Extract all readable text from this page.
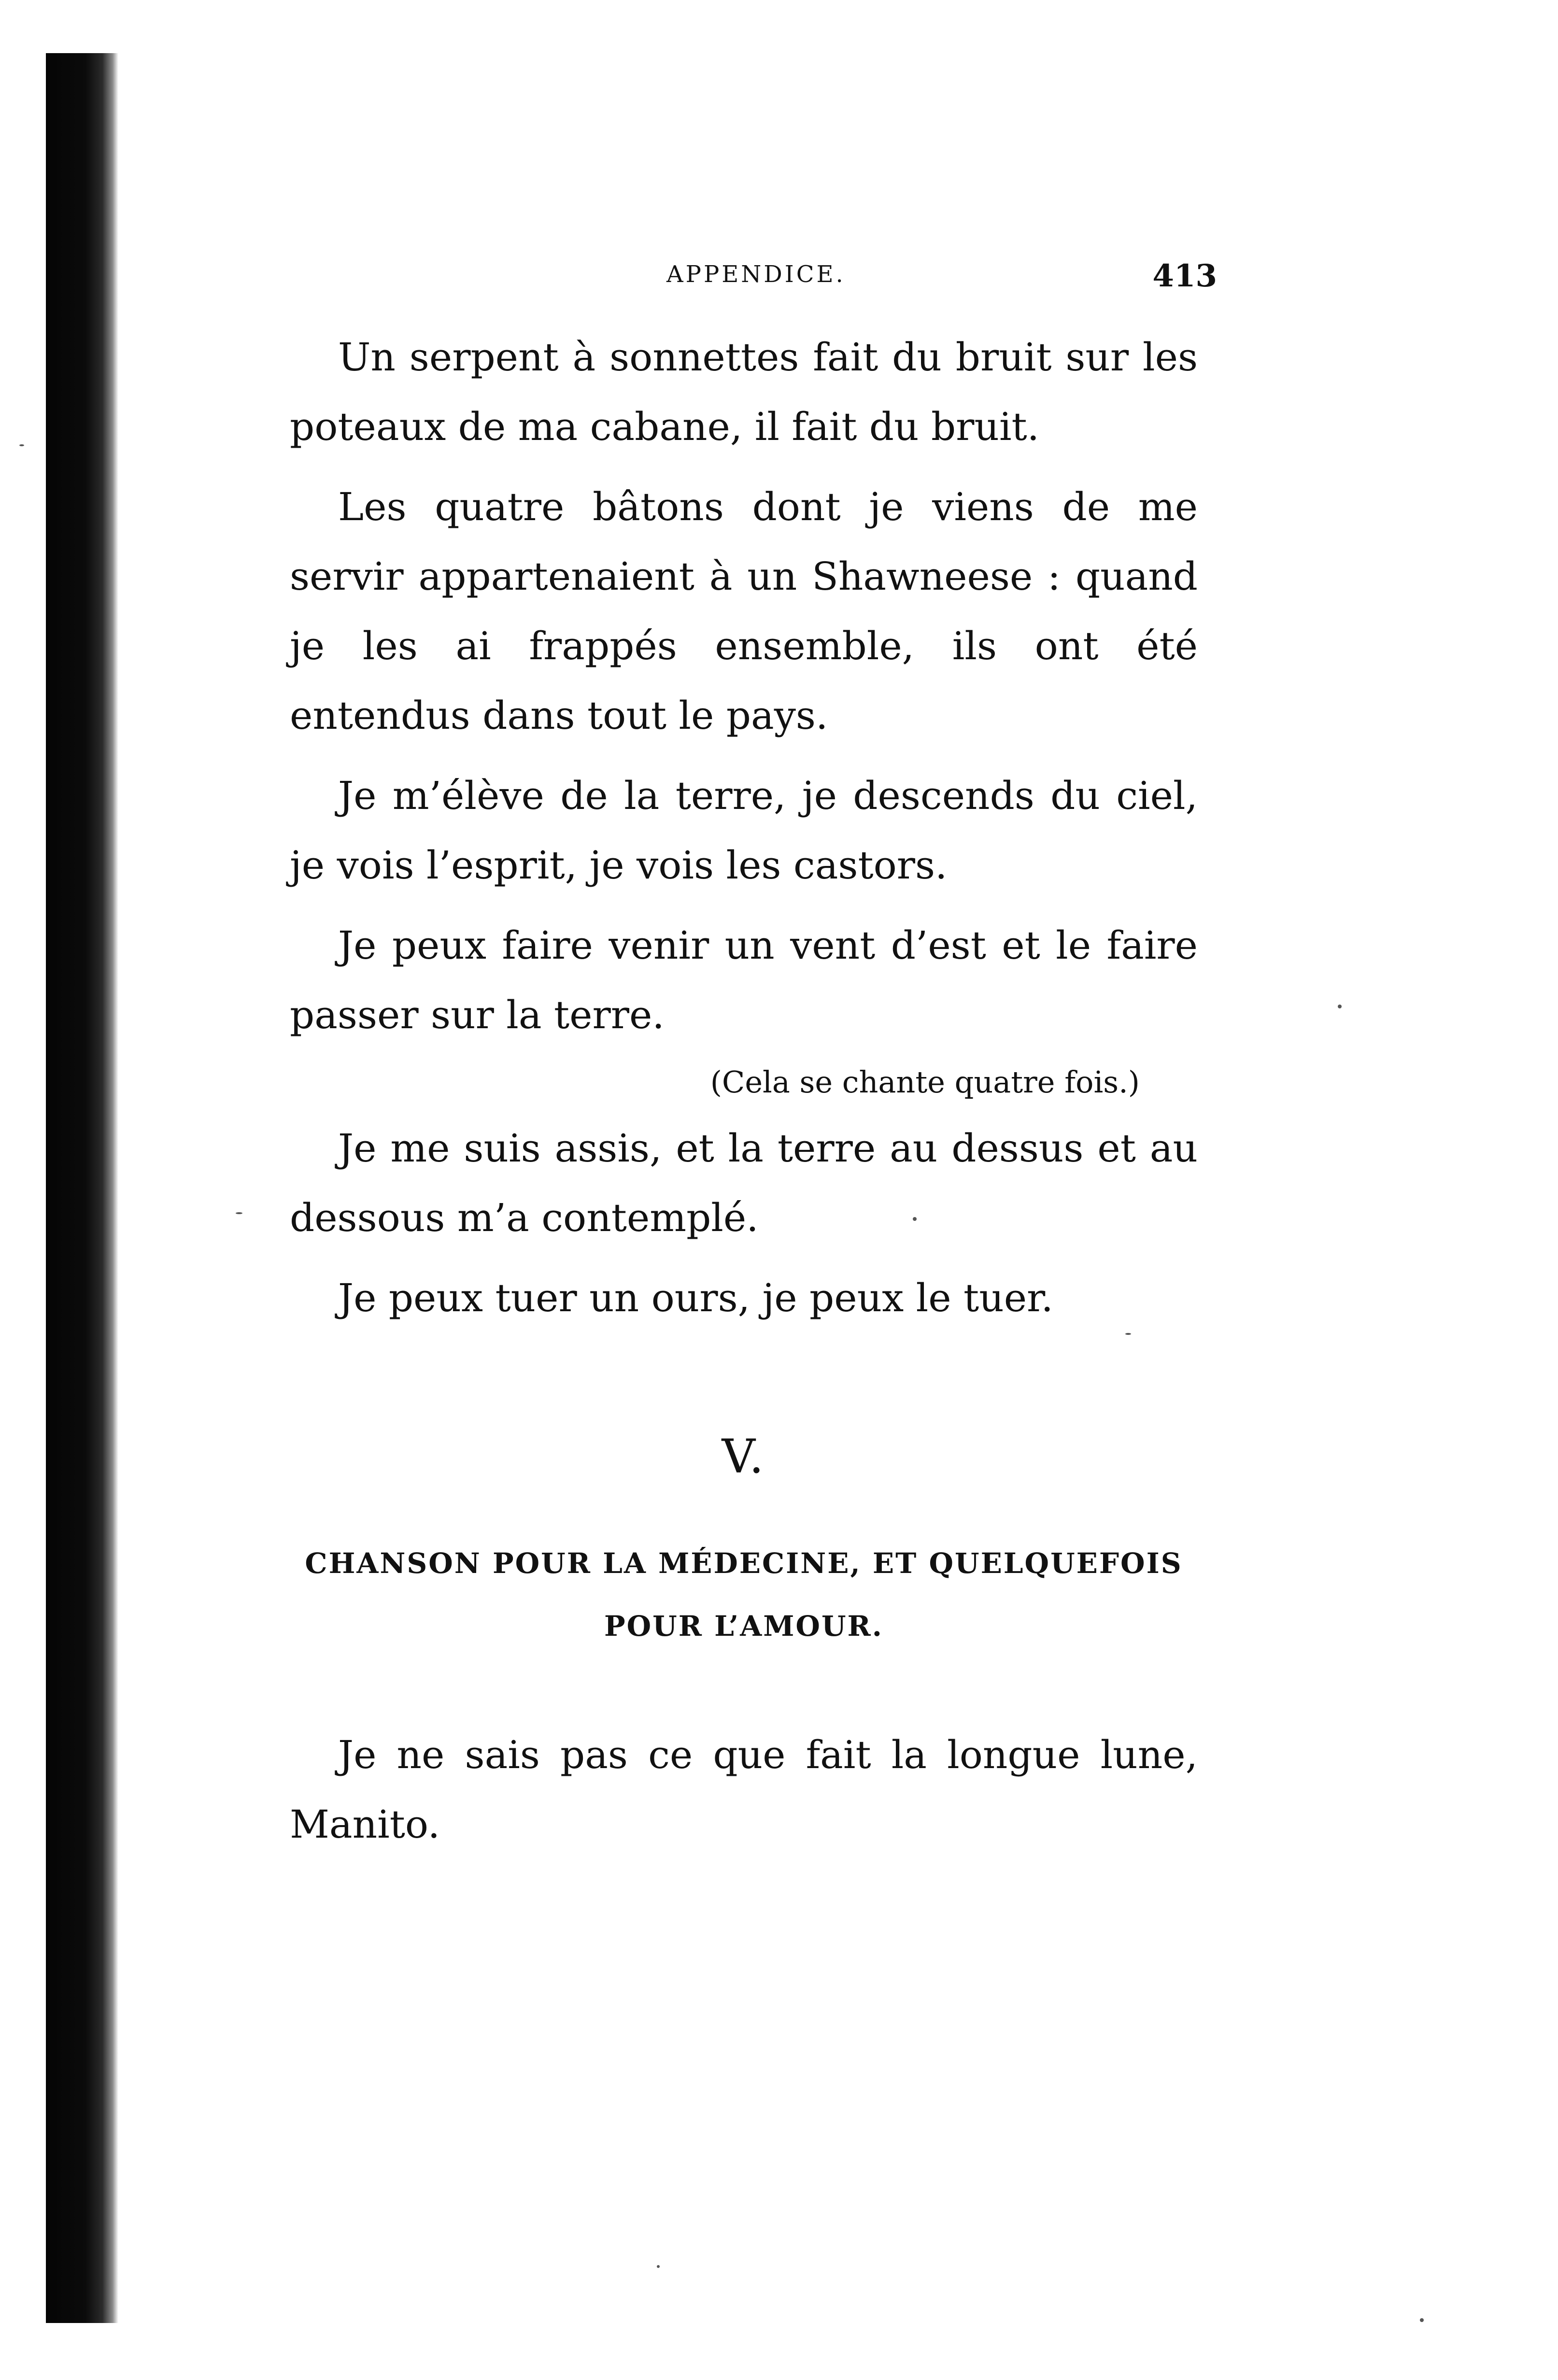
APPENDICE.	413

Un serpent à sonnettes fait du bruit sur les poteaux de ma cabane, il fait du bruit.

Les quatre bâtons dont je viens de me servir appartenaient à un Shawneese : quand je les ai frappés ensemble, ils ont été entendus dans tout le pays.

Je m’élève de la terre, je descends du ciel, je vois l’esprit, je vois les castors.

Je peux faire venir un vent d’est et le faire passer sur la terre.

(Cela se chante quatre fois.)

Je me suis assis, et la terre au dessus et au dessous m’a contemplé.

Je peux tuer un ours, je peux le tuer.

V.
CHANSON POUR LA MÉDECINE, ET QUELQUEFOIS
POUR L’AMOUR.

Je ne sais pas ce que fait la longue lune, Manito.
